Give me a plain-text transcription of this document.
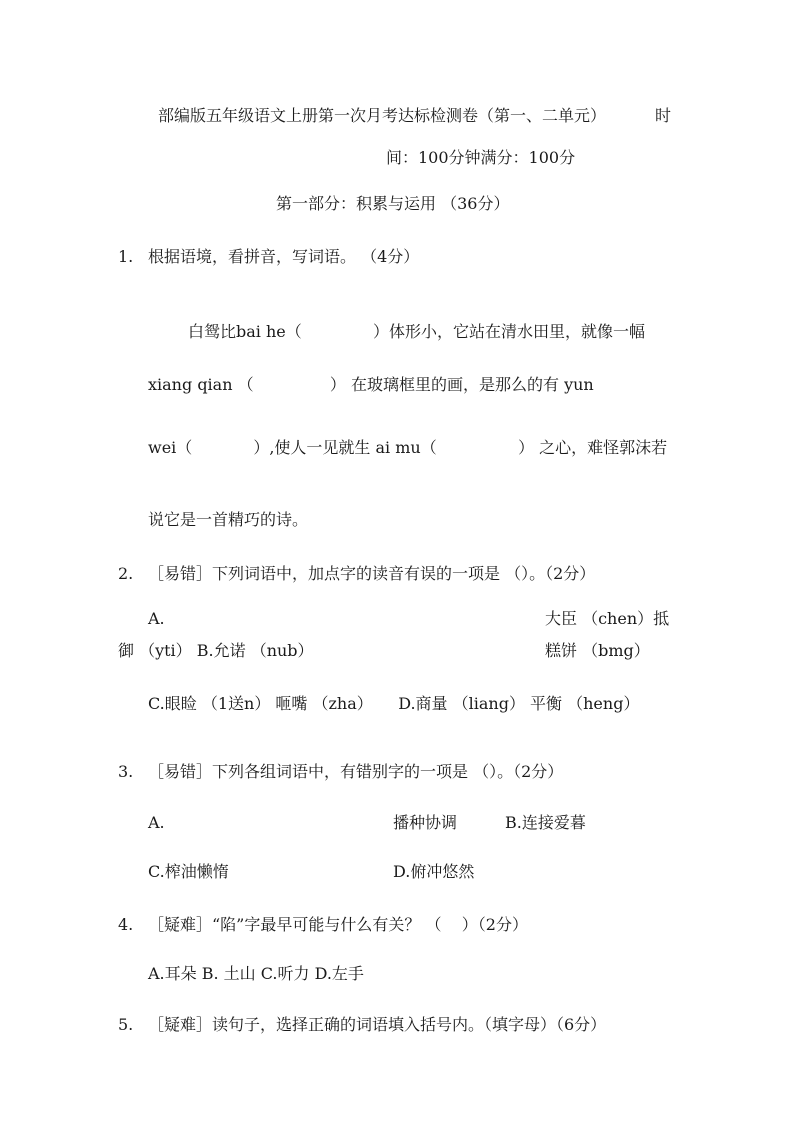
部编版五年级语文上册第一次月考达标检测卷（第一、二单元）	时
间：100分钟满分：100分
第一部分：积累与运用 （36分）
1. 根据语境，看拼音，写词语。 （4分）
白鸳比bai he（              ）体形小，它站在清水田里，就像一幅
xiang qian （               ） 在玻璃框里的画，是那么的有 yun
wei（            ）,使人一见就生 ai mu（                ） 之心，难怪郭沫若
说它是一首精巧的诗。
2. ［易错］下列词语中，加点字的读音有误的一项是 （）。（2分）
A.	大臣 （chen）抵
御 （yti） B.允诺 （nub）	糕饼 （bmg）
C.眼睑 （1送n） 咂嘴 （zha）     D.商量 （liang） 平衡 （heng）
3. ［易错］下列各组词语中，有错别字的一项是 （）。（2分）
A.	播种协调	B.连接爱暮
C.榨油懒惰	D.俯冲悠然
4. ［疑难］“陷”字最早可能与什么有关？ （    ）（2分）
A.耳朵 B. 土山 C.听力 D.左手
5. ［疑难］读句子，选择正确的词语填入括号内。（填字母）（6分）
